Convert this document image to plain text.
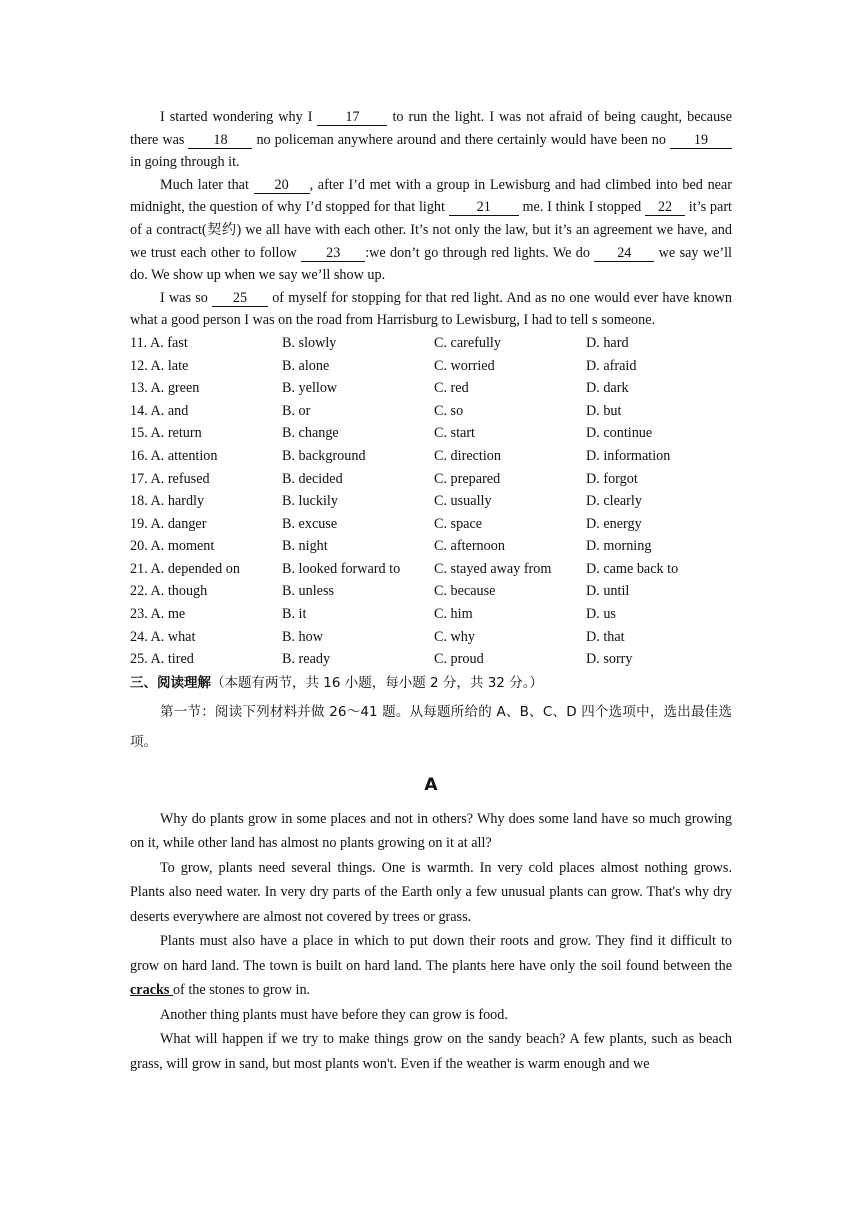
I started wondering why I 17 to run the light. I was not afraid of being caught, because there was 18 no policeman anywhere around and there certainly would have been no 19 in going through it.

Much later that 20 , after I’d met with a group in Lewisburg and had climbed into bed near midnight, the question of why I’d stopped for that light 21 me. I think I stopped 22 it’s part of a contract(契约) we all have with each other. It’s not only the law, but it’s an agreement we have, and we trust each other to follow 23 :we don’t go through red lights. We do 24 we say we’ll do. We show up when we say we’ll show up.

I was so 25 of myself for stopping for that red light. And as no one would ever have known what a good person I was on the road from Harrisburg to Lewisburg, I had to tell s someone.

11. A. fast	B. slowly	C. carefully	D. hard
12. A. late	B. alone	C. worried	D. afraid
13. A. green	B. yellow	C. red	D. dark
14. A. and	B. or	C. so	D. but
15. A. return	B. change	C. start	D. continue
16. A. attention	B. background	C. direction	D. information
17. A. refused	B. decided	C. prepared	D. forgot
18. A. hardly	B. luckily	C. usually	D. clearly
19. A. danger	B. excuse	C. space	D. energy
20. A. moment	B. night	C. afternoon	D. morning
21. A. depended on	B. looked forward to	C. stayed away from	D. came back to
22. A. though	B. unless	C. because	D. until
23. A. me	B. it	C. him	D. us
24. A. what	B. how	C. why	D. that
25. A. tired	B. ready	C. proud	D. sorry

三、阅读理解（本题有两节，共 16 小题，每小题 2 分，共 32 分。）

第一节：阅读下列材料并做 26～41 题。从每题所给的 A、B、C、D 四个选项中，选出最佳选项。

A

Why do plants grow in some places and not in others? Why does some land have so much growing on it, while other land has almost no plants growing on it at all?

To grow, plants need several things. One is warmth. In very cold places almost nothing grows. Plants also need water. In very dry parts of the Earth only a few unusual plants can grow. That's why dry deserts everywhere are almost not covered by trees or grass.

Plants must also have a place in which to put down their roots and grow. They find it difficult to grow on hard land. The town is built on hard land. The plants here have only the soil found between the cracks of the stones to grow in.

Another thing plants must have before they can grow is food.

What will happen if we try to make things grow on the sandy beach? A few plants, such as beach grass, will grow in sand, but most plants won't. Even if the weather is warm enough and we
